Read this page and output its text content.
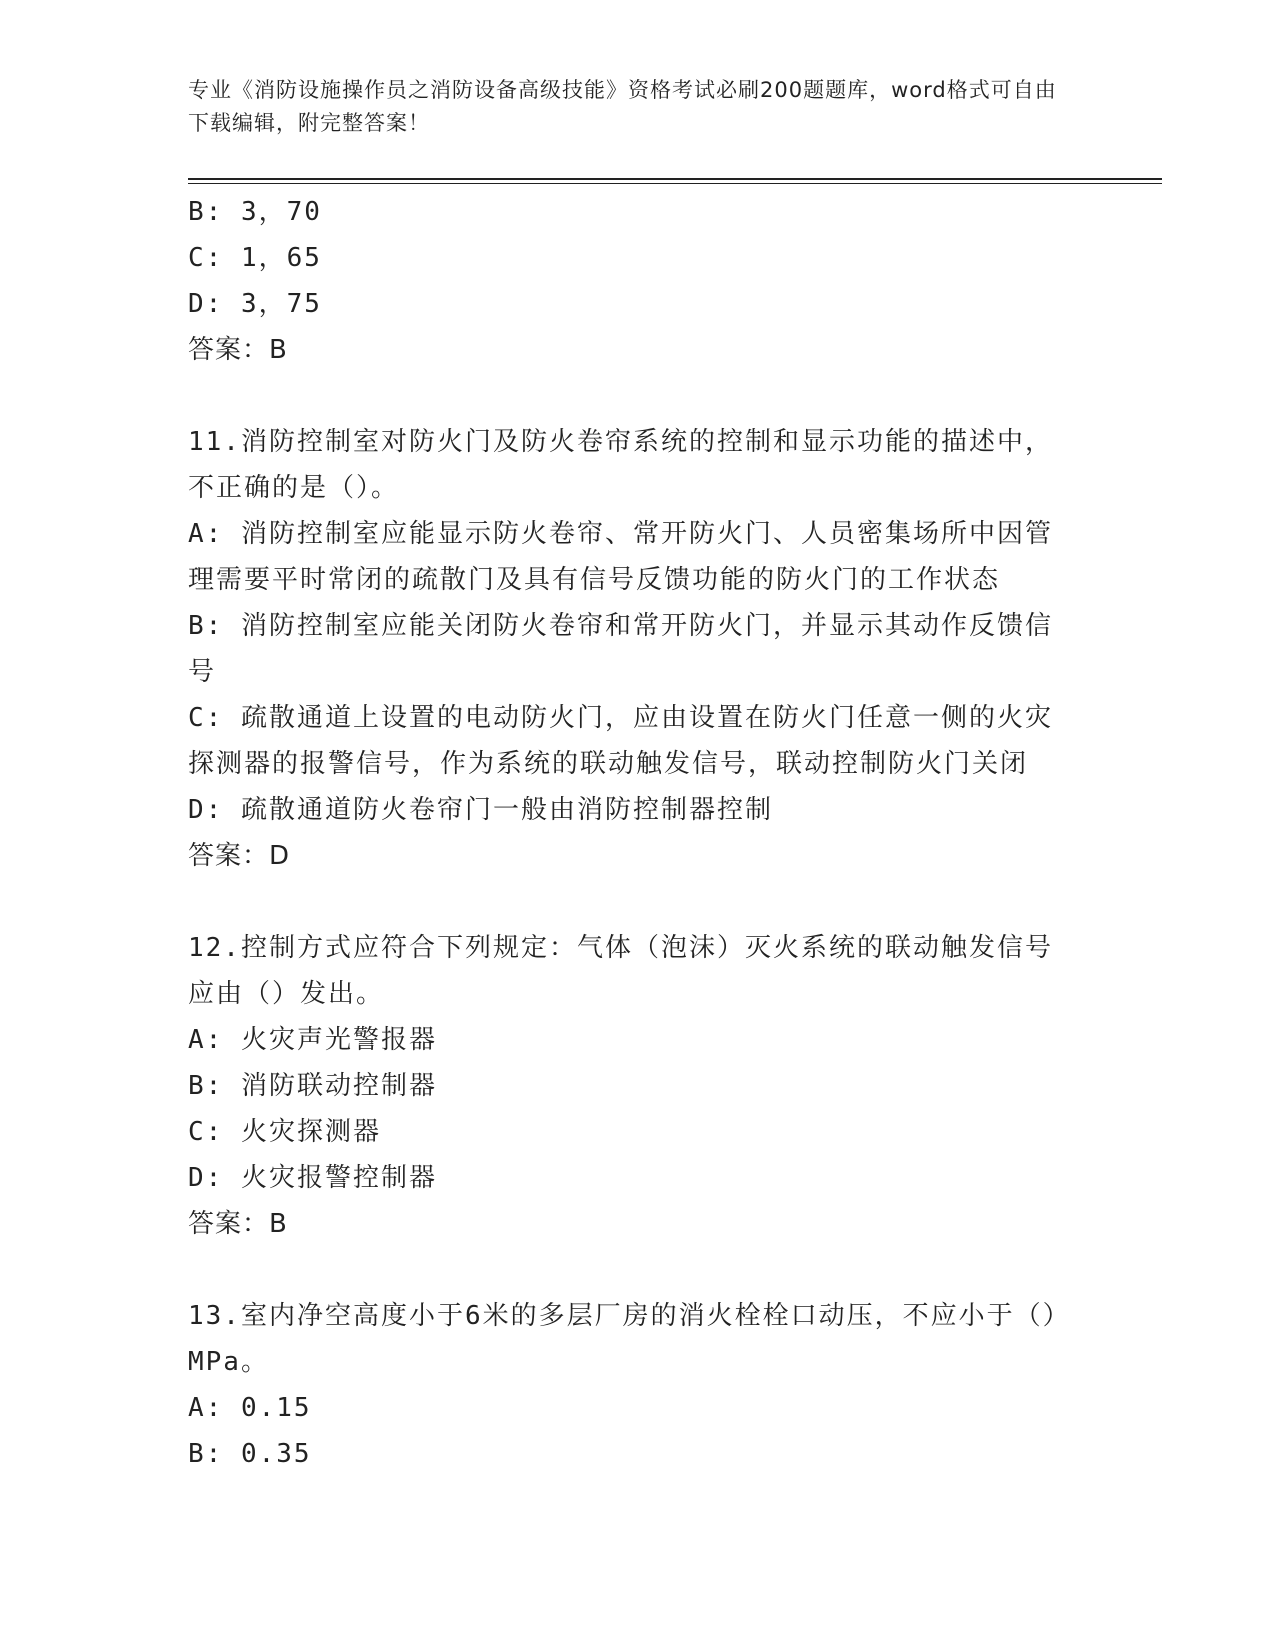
专业《消防设施操作员之消防设备高级技能》资格考试必刷200题题库，word格式可自由下载编辑，附完整答案！
B: 3，70
C: 1，65
D: 3，75
答案：B
11.消防控制室对防火门及防火卷帘系统的控制和显示功能的描述中，不正确的是（）。
A: 消防控制室应能显示防火卷帘、常开防火门、人员密集场所中因管理需要平时常闭的疏散门及具有信号反馈功能的防火门的工作状态
B: 消防控制室应能关闭防火卷帘和常开防火门，并显示其动作反馈信号
C: 疏散通道上设置的电动防火门，应由设置在防火门任意一侧的火灾探测器的报警信号，作为系统的联动触发信号，联动控制防火门关闭
D: 疏散通道防火卷帘门一般由消防控制器控制
答案：D
12.控制方式应符合下列规定：气体（泡沫）灭火系统的联动触发信号应由（）发出。
A: 火灾声光警报器
B: 消防联动控制器
C: 火灾探测器
D: 火灾报警控制器
答案：B
13.室内净空高度小于6米的多层厂房的消火栓栓口动压，不应小于（）MPa。
A: 0.15
B: 0.35
